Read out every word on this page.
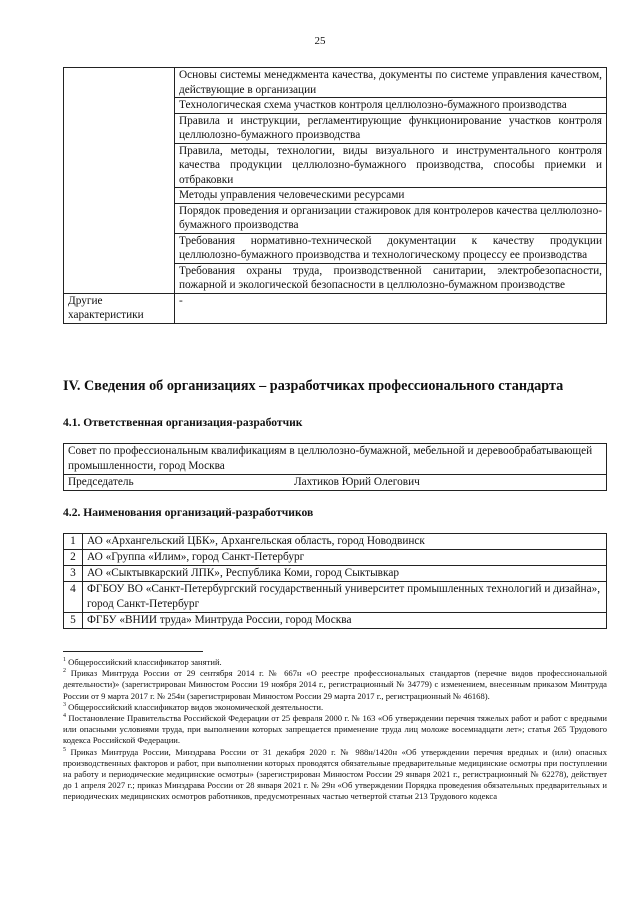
25
	Основы системы менеджмента качества, документы по системе управления качеством, действующие в организации
	Технологическая схема участков контроля целлюлозно-бумажного производства
	Правила и инструкции, регламентирующие функционирование участков контроля целлюлозно-бумажного производства
	Правила, методы, технологии, виды визуального и инструментального контроля качества продукции целлюлозно-бумажного производства, способы приемки и отбраковки
	Методы управления человеческими ресурсами
	Порядок проведения и организации стажировок для контролеров качества целлюлозно-бумажного производства
	Требования нормативно-технической документации к качеству продукции целлюлозно-бумажного производства и технологическому процессу ее производства
	Требования охраны труда, производственной санитарии, электробезопасности, пожарной и экологической безопасности в целлюлозно-бумажном производстве
Другие характеристики	-
IV. Сведения об организациях – разработчиках профессионального стандарта
4.1. Ответственная организация-разработчик
Совет по профессиональным квалификациям в целлюлозно-бумажной, мебельной и деревообрабатывающей промышленности, город Москва
Председатель	Лахтиков Юрий Олегович
4.2. Наименования организаций-разработчиков
1	АО «Архангельский ЦБК», Архангельская область, город Новодвинск
2	АО «Группа «Илим», город Санкт-Петербург
3	АО «Сыктывкарский ЛПК», Республика Коми, город Сыктывкар
4	ФГБОУ ВО «Санкт-Петербургский государственный университет промышленных технологий и дизайна», город Санкт-Петербург
5	ФГБУ «ВНИИ труда» Минтруда России, город Москва

$^1$ Общероссийский классификатор занятий.

$^2$ Приказ Минтруда России от 29 сентября 2014 г. № 667н «О реестре профессиональных стандартов (перечне видов профессиональной деятельности)» (зарегистрирован Минюстом России 19 ноября 2014 г., регистрационный № 34779) с изменением, внесенным приказом Минтруда России от 9 марта 2017 г. № 254н (зарегистрирован Минюстом России 29 марта 2017 г., регистрационный № 46168).

$^3$ Общероссийский классификатор видов экономической деятельности.

$^4$ Постановление Правительства Российской Федерации от 25 февраля 2000 г. № 163 «Об утверждении перечня тяжелых работ и работ с вредными или опасными условиями труда, при выполнении которых запрещается применение труда лиц моложе восемнадцати лет»; статья 265 Трудового кодекса Российской Федерации.

$^5$ Приказ Минтруда России, Минздрава России от 31 декабря 2020 г. № 988н/1420н «Об утверждении перечня вредных и (или) опасных производственных факторов и работ, при выполнении которых проводятся обязательные предварительные медицинские осмотры при поступлении на работу и периодические медицинские осмотры» (зарегистрирован Минюстом России 29 января 2021 г., регистрационный № 62278), действует до 1 апреля 2027 г.; приказ Минздрава России от 28 января 2021 г. № 29н «Об утверждении Порядка проведения обязательных предварительных и периодических медицинских осмотров работников, предусмотренных частью четвертой статьи 213 Трудового кодекса
